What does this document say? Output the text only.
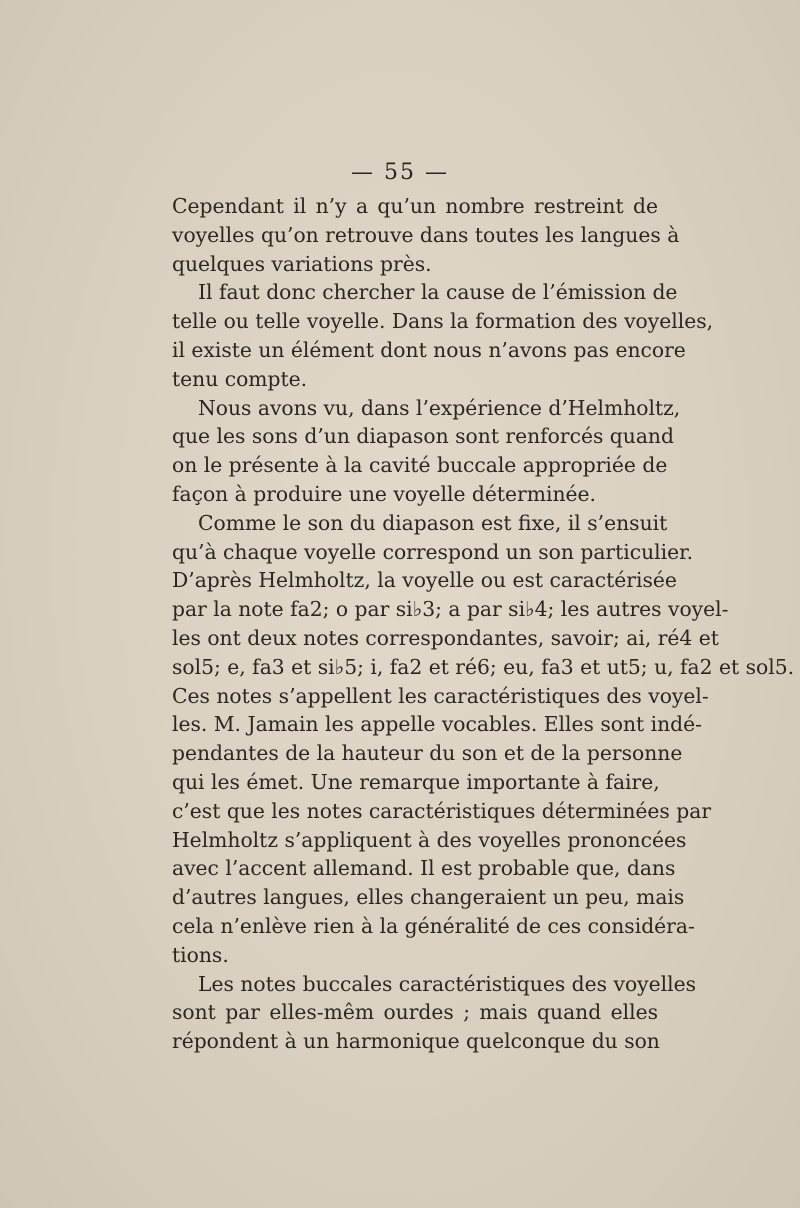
— 55 —
Cependant il n’y a qu’un nombre restreint de
voyelles qu’on retrouve dans toutes les langues à
quelques variations près.
Il faut donc chercher la cause de l’émission de
telle ou telle voyelle. Dans la formation des voyelles,
il existe un élément dont nous n’avons pas encore
tenu compte.
Nous avons vu, dans l’expérience d’Helmholtz,
que les sons d’un diapason sont renforcés quand
on le présente à la cavité buccale appropriée de
façon à produire une voyelle déterminée.
Comme le son du diapason est fixe, il s’ensuit
qu’à chaque voyelle correspond un son particulier.
D’après Helmholtz, la voyelle ou est caractérisée
par la note fa2; o par si♭3; a par si♭4; les autres voyel-
les ont deux notes correspondantes, savoir; ai, ré4 et
sol5; e, fa3 et si♭5; i, fa2 et ré6; eu, fa3 et ut5; u, fa2 et sol5.
Ces notes s’appellent les caractéristiques des voyel-
les. M. Jamain les appelle vocables. Elles sont indé-
pendantes de la hauteur du son et de la personne
qui les émet. Une remarque importante à faire,
c’est que les notes caractéristiques déterminées par
Helmholtz s’appliquent à des voyelles prononcées
avec l’accent allemand. Il est probable que, dans
d’autres langues, elles changeraient un peu, mais
cela n’enlève rien à la généralité de ces considéra-
tions.
Les notes buccales caractéristiques des voyelles
sont par elles-mêm ourdes ; mais quand elles
répondent à un harmonique quelconque du son
